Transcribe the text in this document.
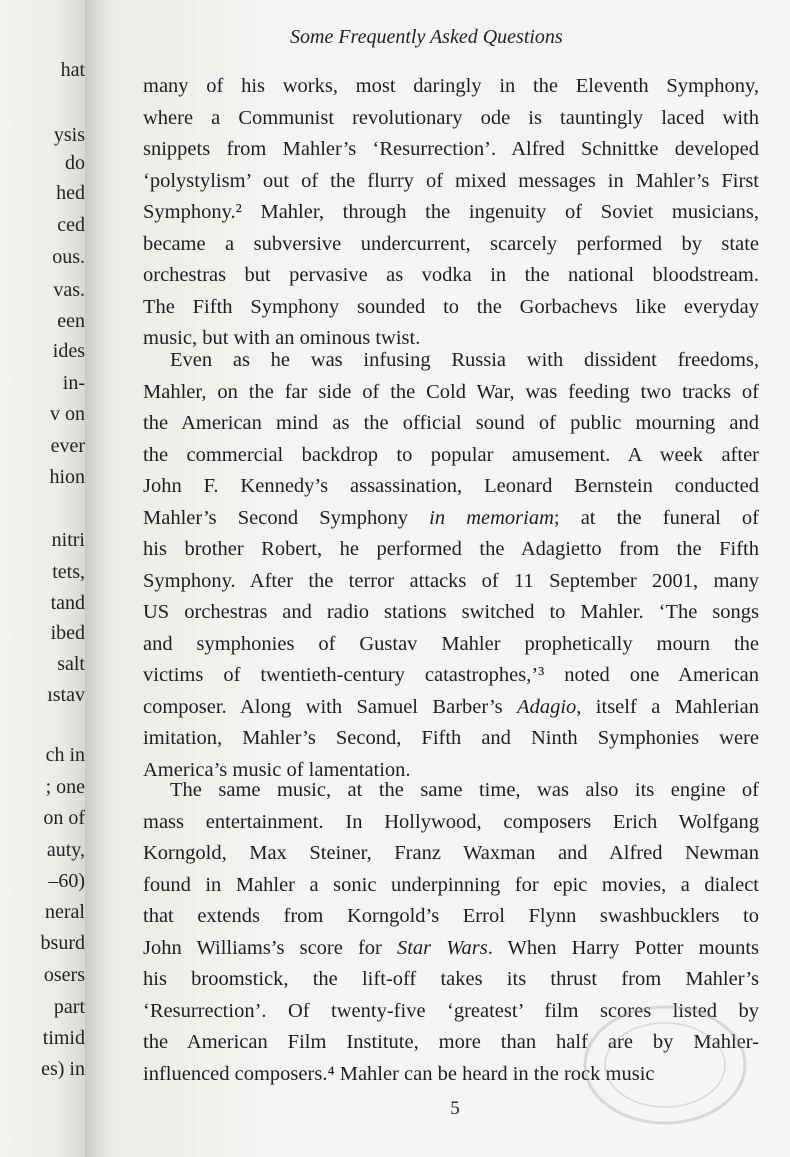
hat
ysis
do
hed
ced
ous.
vas.
een
ides
in-
v on
ever
hion
nitri
tets,
tand
ibed
salt
ıstav
ch in
; one
on of
auty,
–60)
neral
bsurd
osers
part
timid
es) in
Some Frequently Asked Questions
many of his works, most daringly in the Eleventh Symphony,
where a Communist revolutionary ode is tauntingly laced with
snippets from Mahler’s ‘Resurrection’. Alfred Schnittke developed
‘polystylism’ out of the flurry of mixed messages in Mahler’s First
Symphony.² Mahler, through the ingenuity of Soviet musicians,
became a subversive undercurrent, scarcely performed by state
orchestras but pervasive as vodka in the national bloodstream.
The Fifth Symphony sounded to the Gorbachevs like everyday
music, but with an ominous twist.
Even as he was infusing Russia with dissident freedoms,
Mahler, on the far side of the Cold War, was feeding two tracks of
the American mind as the official sound of public mourning and
the commercial backdrop to popular amusement. A week after
John F. Kennedy’s assassination, Leonard Bernstein conducted
Mahler’s Second Symphony in memoriam; at the funeral of
his brother Robert, he performed the Adagietto from the Fifth
Symphony. After the terror attacks of 11 September 2001, many
US orchestras and radio stations switched to Mahler. ‘The songs
and symphonies of Gustav Mahler prophetically mourn the
victims of twentieth-century catastrophes,’³ noted one American
composer. Along with Samuel Barber’s Adagio, itself a Mahlerian
imitation, Mahler’s Second, Fifth and Ninth Symphonies were
America’s music of lamentation.
The same music, at the same time, was also its engine of
mass entertainment. In Hollywood, composers Erich Wolfgang
Korngold, Max Steiner, Franz Waxman and Alfred Newman
found in Mahler a sonic underpinning for epic movies, a dialect
that extends from Korngold’s Errol Flynn swashbucklers to
John Williams’s score for Star Wars. When Harry Potter mounts
his broomstick, the lift-off takes its thrust from Mahler’s
‘Resurrection’. Of twenty-five ‘greatest’ film scores listed by
the American Film Institute, more than half are by Mahler-
influenced composers.⁴ Mahler can be heard in the rock music
5
